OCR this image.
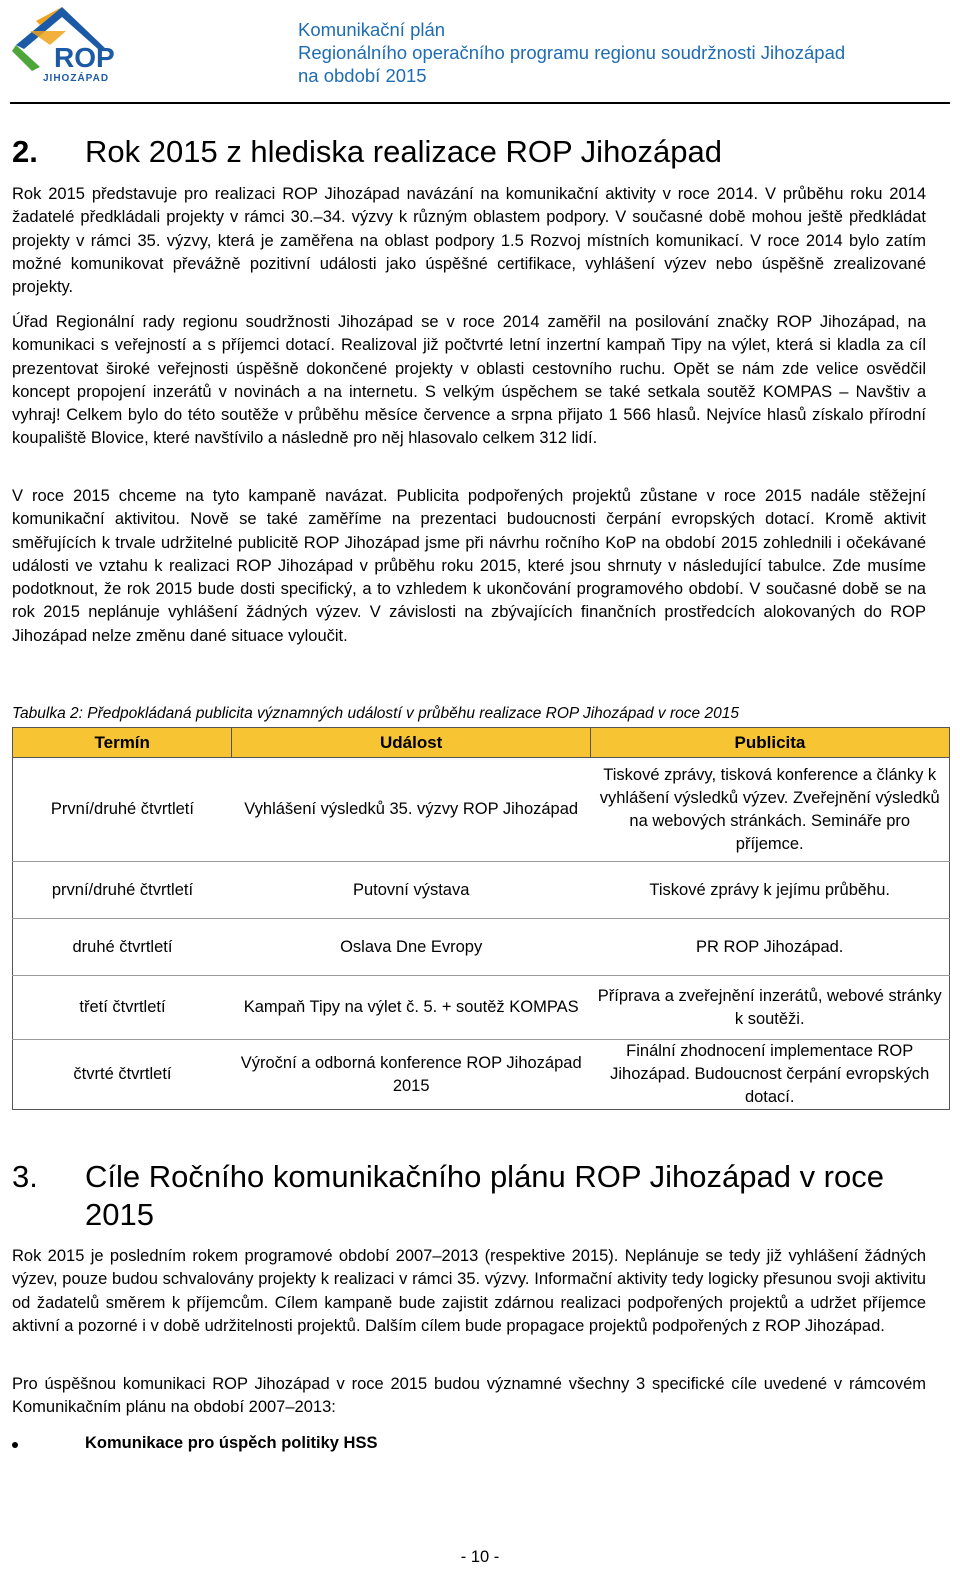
ROP
JIHOZÁPAD
Komunikační plán
Regionálního operačního programu regionu soudržnosti Jihozápad
na období 2015
2. Rok 2015 z hlediska realizace ROP Jihozápad

Rok 2015 představuje pro realizaci ROP Jihozápad navázání na komunikační aktivity v roce 2014. V průběhu roku 2014 žadatelé předkládali projekty v rámci 30.–34. výzvy k různým oblastem podpory. V současné době mohou ještě předkládat projekty v rámci 35. výzvy, která je zaměřena na oblast podpory 1.5 Rozvoj místních komunikací. V roce 2014 bylo zatím možné komunikovat převážně pozitivní události jako úspěšné certifikace, vyhlášení výzev nebo úspěšně zrealizované projekty.

Úřad Regionální rady regionu soudržnosti Jihozápad se v roce 2014 zaměřil na posilování značky ROP Jihozápad, na komunikaci s veřejností a s příjemci dotací. Realizoval již počtvrté letní inzertní kampaň Tipy na výlet, která si kladla za cíl prezentovat široké veřejnosti úspěšně dokončené projekty v oblasti cestovního ruchu. Opět se nám zde velice osvědčil koncept propojení inzerátů v novinách a na internetu. S velkým úspěchem se také setkala soutěž KOMPAS – Navštiv a vyhraj! Celkem bylo do této soutěže v průběhu měsíce července a srpna přijato 1 566 hlasů. Nejvíce hlasů získalo přírodní koupaliště Blovice, které navštívilo a následně pro něj hlasovalo celkem 312 lidí.

V roce 2015 chceme na tyto kampaně navázat. Publicita podpořených projektů zůstane v roce 2015 nadále stěžejní komunikační aktivitou. Nově se také zaměříme na prezentaci budoucnosti čerpání evropských dotací. Kromě aktivit směřujících k trvale udržitelné publicitě ROP Jihozápad jsme při návrhu ročního KoP na období 2015 zohlednili i očekávané události ve vztahu k realizaci ROP Jihozápad v průběhu roku 2015, které jsou shrnuty v následující tabulce. Zde musíme podotknout, že rok 2015 bude dosti specifický, a to vzhledem k ukončování programového období. V současné době se na rok 2015 neplánuje vyhlášení žádných výzev. V závislosti na zbývajících finančních prostředcích alokovaných do ROP Jihozápad nelze změnu dané situace vyloučit.

Tabulka 2: Předpokládaná publicita významných událostí v průběhu realizace ROP Jihozápad v roce 2015
Termín	Událost	Publicita
První/druhé čtvrtletí	Vyhlášení výsledků 35. výzvy ROP Jihozápad	Tiskové zprávy, tisková konference a články k vyhlášení výsledků výzev. Zveřejnění výsledků na webových stránkách. Semináře pro příjemce.
první/druhé čtvrtletí	Putovní výstava	Tiskové zprávy k jejímu průběhu.
druhé čtvrtletí	Oslava Dne Evropy	PR ROP Jihozápad.
třetí čtvrtletí	Kampaň Tipy na výlet č. 5. + soutěž KOMPAS	Příprava a zveřejnění inzerátů, webové stránky k soutěži.
čtvrté čtvrtletí	Výroční a odborná konference ROP Jihozápad 2015	Finální zhodnocení implementace ROP Jihozápad. Budoucnost čerpání evropských dotací.
3. Cíle Ročního komunikačního plánu ROP Jihozápad v roce 2015

Rok 2015 je posledním rokem programové období 2007–2013 (respektive 2015). Neplánuje se tedy již vyhlášení žádných výzev, pouze budou schvalovány projekty k realizaci v rámci 35. výzvy. Informační aktivity tedy logicky přesunou svoji aktivitu od žadatelů směrem k příjemcům. Cílem kampaně bude zajistit zdárnou realizaci podpořených projektů a udržet příjemce aktivní a pozorné i v době udržitelnosti projektů. Dalším cílem bude propagace projektů podpořených z ROP Jihozápad.

Pro úspěšnou komunikaci ROP Jihozápad v roce 2015 budou významné všechny 3 specifické cíle uvedené v rámcovém Komunikačním plánu na období 2007–2013:

Komunikace pro úspěch politiky HSS
- 10 -
